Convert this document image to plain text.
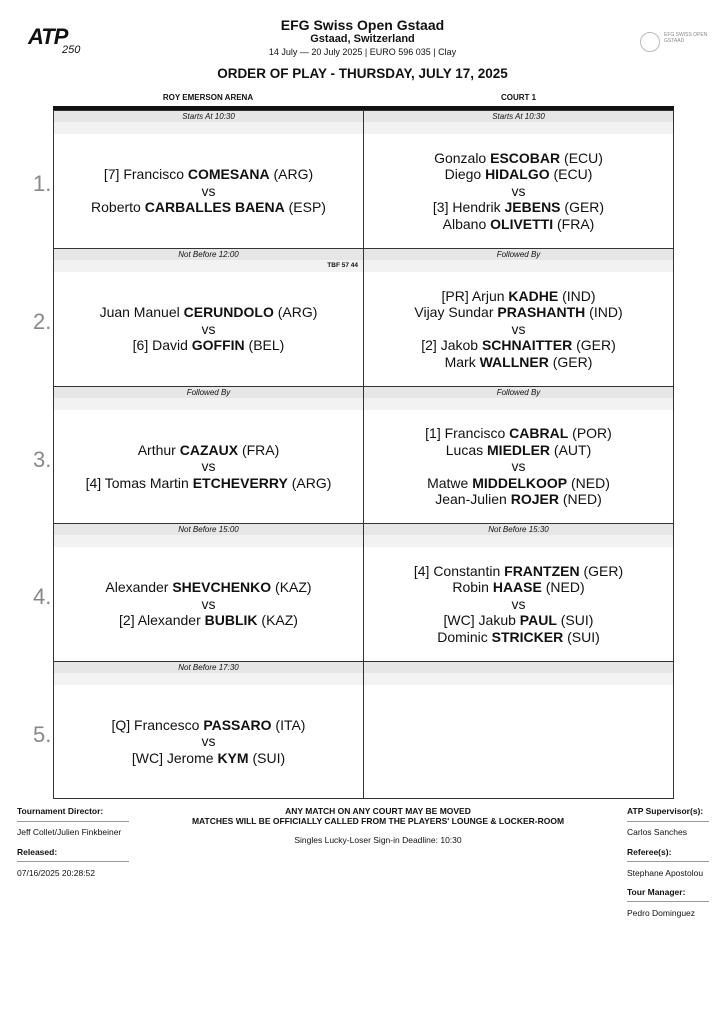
ATP
250
EFG SWISS OPEN GSTAAD
EFG Swiss Open Gstaad
Gstaad, Switzerland
14 July — 20 July 2025 | EURO 596 035 | Clay
ORDER OF PLAY - THURSDAY, JULY 17, 2025
ROY EMERSON ARENA	COURT 1
1.
Starts At 10:30
[7] Francisco COMESANA (ARG)
vs
Roberto CARBALLES BAENA (ESP)
Starts At 10:30
Gonzalo ESCOBAR (ECU)
Diego HIDALGO (ECU)
vs
[3] Hendrik JEBENS (GER)
Albano OLIVETTI (FRA)
2.
Not Before 12:00
TBF 57 44
Juan Manuel CERUNDOLO (ARG)
vs
[6] David GOFFIN (BEL)
Followed By
[PR] Arjun KADHE (IND)
Vijay Sundar PRASHANTH (IND)
vs
[2] Jakob SCHNAITTER (GER)
Mark WALLNER (GER)
3.
Followed By
Arthur CAZAUX (FRA)
vs
[4] Tomas Martin ETCHEVERRY (ARG)
Followed By
[1] Francisco CABRAL (POR)
Lucas MIEDLER (AUT)
vs
Matwe MIDDELKOOP (NED)
Jean-Julien ROJER (NED)
4.
Not Before 15:00
Alexander SHEVCHENKO (KAZ)
vs
[2] Alexander BUBLIK (KAZ)
Not Before 15:30
[4] Constantin FRANTZEN (GER)
Robin HAASE (NED)
vs
[WC] Jakub PAUL (SUI)
Dominic STRICKER (SUI)
5.
Not Before 17:30
[Q] Francesco PASSARO (ITA)
vs
[WC] Jerome KYM (SUI)
Tournament Director:
Jeff Collet/Julien Finkbeiner
Released:
07/16/2025 20:28:52
ANY MATCH ON ANY COURT MAY BE MOVED
MATCHES WILL BE OFFICIALLY CALLED FROM THE PLAYERS' LOUNGE & LOCKER-ROOM
Singles Lucky-Loser Sign-in Deadline: 10:30
ATP Supervisor(s):
Carlos Sanches
Referee(s):
Stephane Apostolou
Tour Manager:
Pedro Dominguez
